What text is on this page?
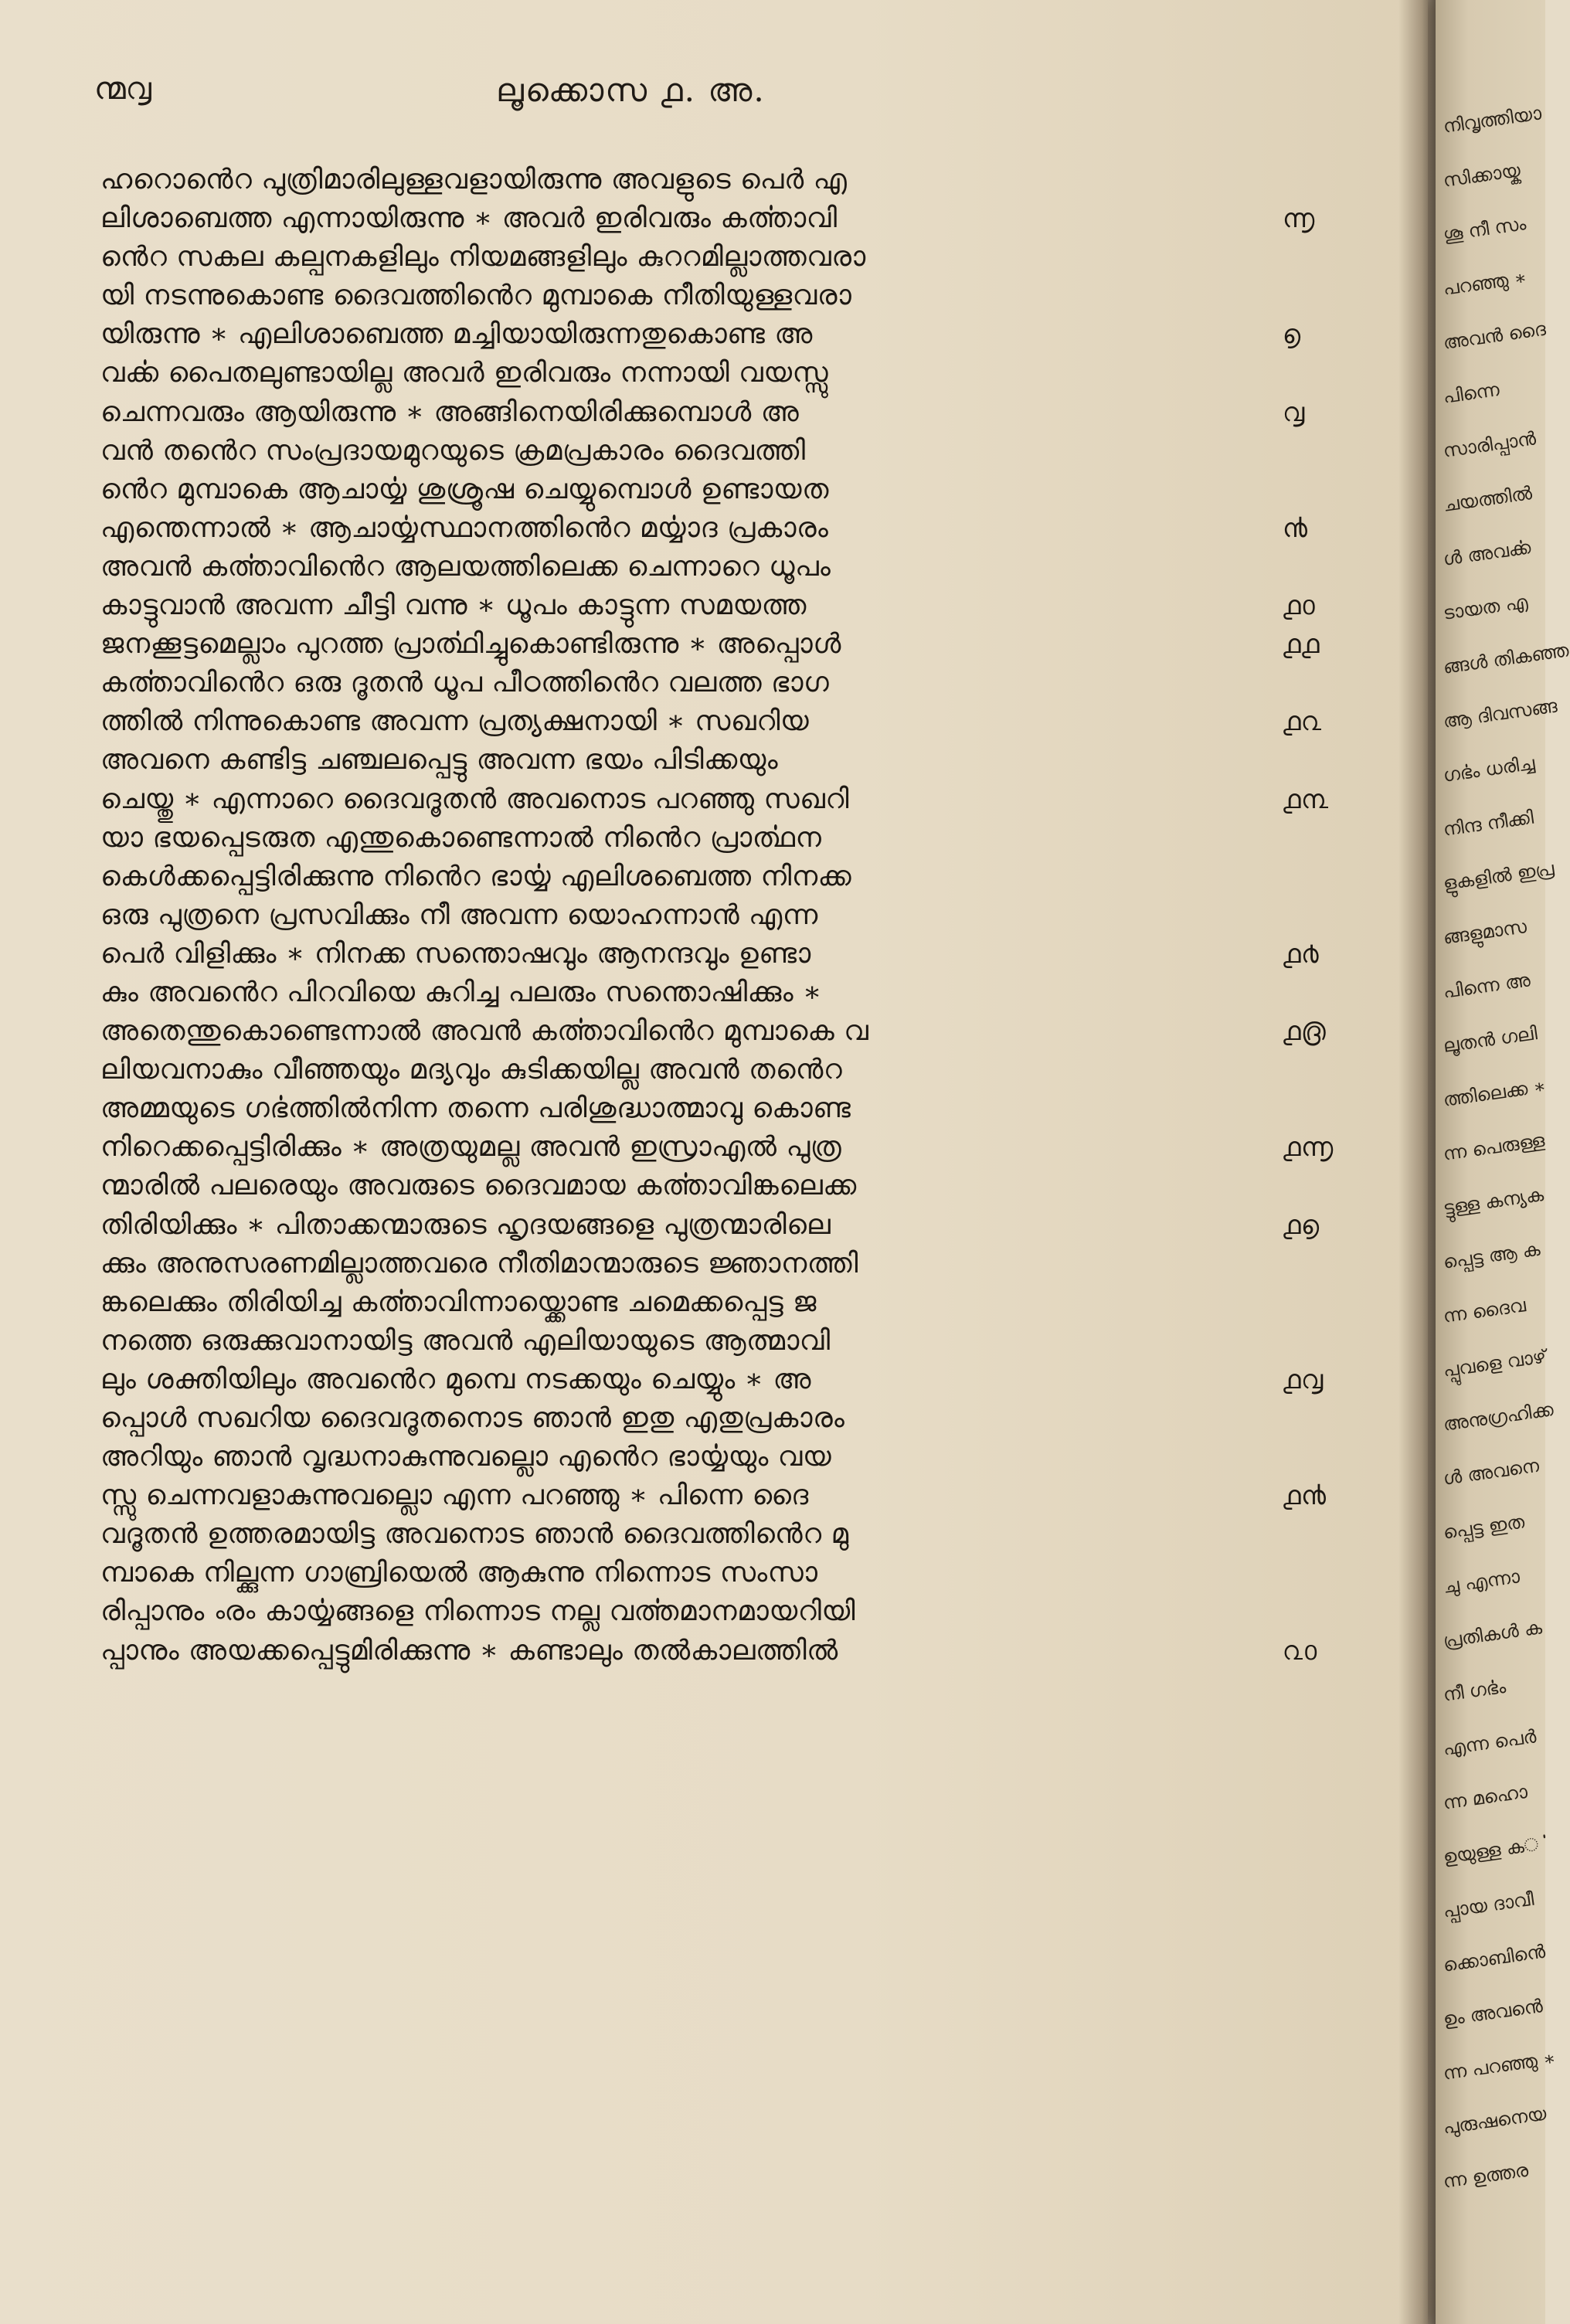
ന്മ൮	ലൂക്കൊസ ൧. അ.
ഹറൊൻെറ പുത്രിമാരിലുള്ളവളായിരുന്നു അവളുടെ പെർ എ
ലിശാബെത്ത എന്നായിരുന്നു ∗ അവർ ഇരിവരും കൎത്താവി	൬
ൻെറ സകല കല്പനകളിലും നിയമങ്ങളിലും കുററമില്ലാത്തവരാ
യി നടന്നുകൊണ്ട ദൈവത്തിൻെറ മുമ്പാകെ നീതിയുള്ളവരാ
യിരുന്നു ∗ എലിശാബെത്ത മച്ചിയായിരുന്നതുകൊണ്ട അ	൭
വൎക്ക പൈതലുണ്ടായില്ല അവർ ഇരിവരും നന്നായി വയസ്സു
ചെന്നവരും ആയിരുന്നു ∗ അങ്ങിനെയിരിക്കുമ്പൊൾ അ	൮
വൻ തൻെറ സംപ്രദായമുറയുടെ ക്രമപ്രകാരം ദൈവത്തി
ൻെറ മുമ്പാകെ ആചാൎയ്യ ശുശ്രൂഷ ചെയ്യുമ്പൊൾ ഉണ്ടായത
എന്തെന്നാൽ ∗ ആചാൎയ്യസ്ഥാനത്തിൻെറ മൎയ്യാദ പ്രകാരം	൯
അവൻ കൎത്താവിൻെറ ആലയത്തിലെക്ക ചെന്നാറെ ധൂപം
കാട്ടുവാൻ അവന്ന ചീട്ടി വന്നു ∗ ധൂപം കാട്ടുന്ന സമയത്ത	൧൦
ജനക്കൂട്ടമെല്ലാം പുറത്ത പ്രാൎത്ഥിച്ചുകൊണ്ടിരുന്നു ∗ അപ്പൊൾ	൧൧
കൎത്താവിൻെറ ഒരു ദൂതൻ ധൂപ പീഠത്തിൻെറ വലത്ത ഭാഗ
ത്തിൽ നിന്നുകൊണ്ട അവന്ന പ്രത്യക്ഷനായി ∗ സഖറിയ	൧൨
അവനെ കണ്ടിട്ട ചഞ്ചലപ്പെട്ടു അവന്ന ഭയം പിടിക്കയും
ചെയ്തു ∗ എന്നാറെ ദൈവദൂതൻ അവനൊട പറഞ്ഞു സഖറി	൧൩
യാ ഭയപ്പെടരുത എന്തുകൊണ്ടെന്നാൽ നിൻെറ പ്രാൎത്ഥന
കെൾക്കപ്പെട്ടിരിക്കുന്നു നിൻെറ ഭാൎയ്യ എലിശബെത്ത നിനക്ക
ഒരു പുത്രനെ പ്രസവിക്കും നീ അവന്ന യൊഹന്നാൻ എന്ന
പെർ വിളിക്കും ∗ നിനക്ക സന്തൊഷവും ആനന്ദവും ഉണ്ടാ	൧൪
കും അവൻെറ പിറവിയെ കുറിച്ച പലരും സന്തൊഷിക്കും ∗
അതെന്തുകൊണ്ടെന്നാൽ അവൻ കൎത്താവിൻെറ മുമ്പാകെ വ	൧൫
ലിയവനാകും വീഞ്ഞയും മദ്യവും കുടിക്കയില്ല അവൻ തൻെറ
അമ്മയുടെ ഗൎഭത്തിൽനിന്ന തന്നെ പരിശുദ്ധാത്മാവു കൊണ്ട
നിറെക്കപ്പെട്ടിരിക്കും ∗ അത്രയുമല്ല അവൻ ഇസ്രാഎൽ പുത്ര	൧൬
ന്മാരിൽ പലരെയും അവരുടെ ദൈവമായ കൎത്താവിങ്കലെക്ക
തിരിയിക്കും ∗ പിതാക്കന്മാരുടെ ഹൃദയങ്ങളെ പുത്രന്മാരിലെ	൧൭
ക്കും അനുസരണമില്ലാത്തവരെ നീതിമാന്മാരുടെ ജ്ഞാനത്തി
ങ്കലെക്കും തിരിയിച്ച കൎത്താവിന്നായ്ക്കൊണ്ട ചമെക്കപ്പെട്ട ജ
നത്തെ ഒരുക്കുവാനായിട്ട അവൻ എലിയായുടെ ആത്മാവി
ലും ശക്തിയിലും അവൻെറ മുമ്പെ നടക്കയും ചെയ്യും ∗ അ	൧൮
പ്പൊൾ സഖറിയ ദൈവദൂതനൊട ഞാൻ ഇതു എതുപ്രകാരം
അറിയും ഞാൻ വൃദ്ധനാകുന്നുവല്ലൊ എൻെറ ഭാൎയ്യയും വയ
സ്സു ചെന്നവളാകുന്നുവല്ലൊ എന്ന പറഞ്ഞു ∗ പിന്നെ ദൈ	൧൯
വദൂതൻ ഉത്തരമായിട്ട അവനൊട ഞാൻ ദൈവത്തിൻെറ മു
മ്പാകെ നില്ക്കുന്ന ഗാബ്രിയെൽ ആകുന്നു നിന്നൊട സംസാ
രിപ്പാനും ൟ കാൎയ്യങ്ങളെ നിന്നൊട നല്ല വൎത്തമാനമായറിയി
പ്പാനും അയക്കപ്പെട്ടുമിരിക്കുന്നു ∗ കണ്ടാലും തൽകാലത്തിൽ	൨൦
നിവൃത്തിയാ
സിക്കായ്ക
ശൂ നീ സം
പറഞ്ഞു ∗
അവൻ ദൈ
പിന്നെ
സാരിപ്പാൻ
ചയത്തിൽ
ൾ അവൎക്ക
ടായത എ
ങ്ങൾ തികഞ്ഞ
ആ ദിവസങ്ങ
ഗൎഭം ധരിച്ച
നിന്ദ നീക്കി
ളുകളിൽ ഇപ്ര
ങ്ങളുമാസ
പിന്നെ അ
ലൂതൻ ഗലി
ത്തിലെക്ക ∗
ന്ന പെരുള്ള
ട്ടുള്ള കന്യക
പ്പെട്ട ആ ക
ന്ന ദൈവ
പ്പുവളെ വാഴ്
അനുഗ്രഹിക്ക
ൾ അവനെ
പ്പെട്ട ഇത
ചു എന്നാ
പ്രതികൾ ക
നീ ഗൎഭം
എന്ന പെർ
ന്ന മഹൊ
ഉയുള്ള കൎ
പ്പായ ദാവീ
ക്കൊബിൻെ
ഉം അവൻെ
ന്ന പറഞ്ഞു ∗
പുരുഷനെയ
ന്ന ഉത്തര
